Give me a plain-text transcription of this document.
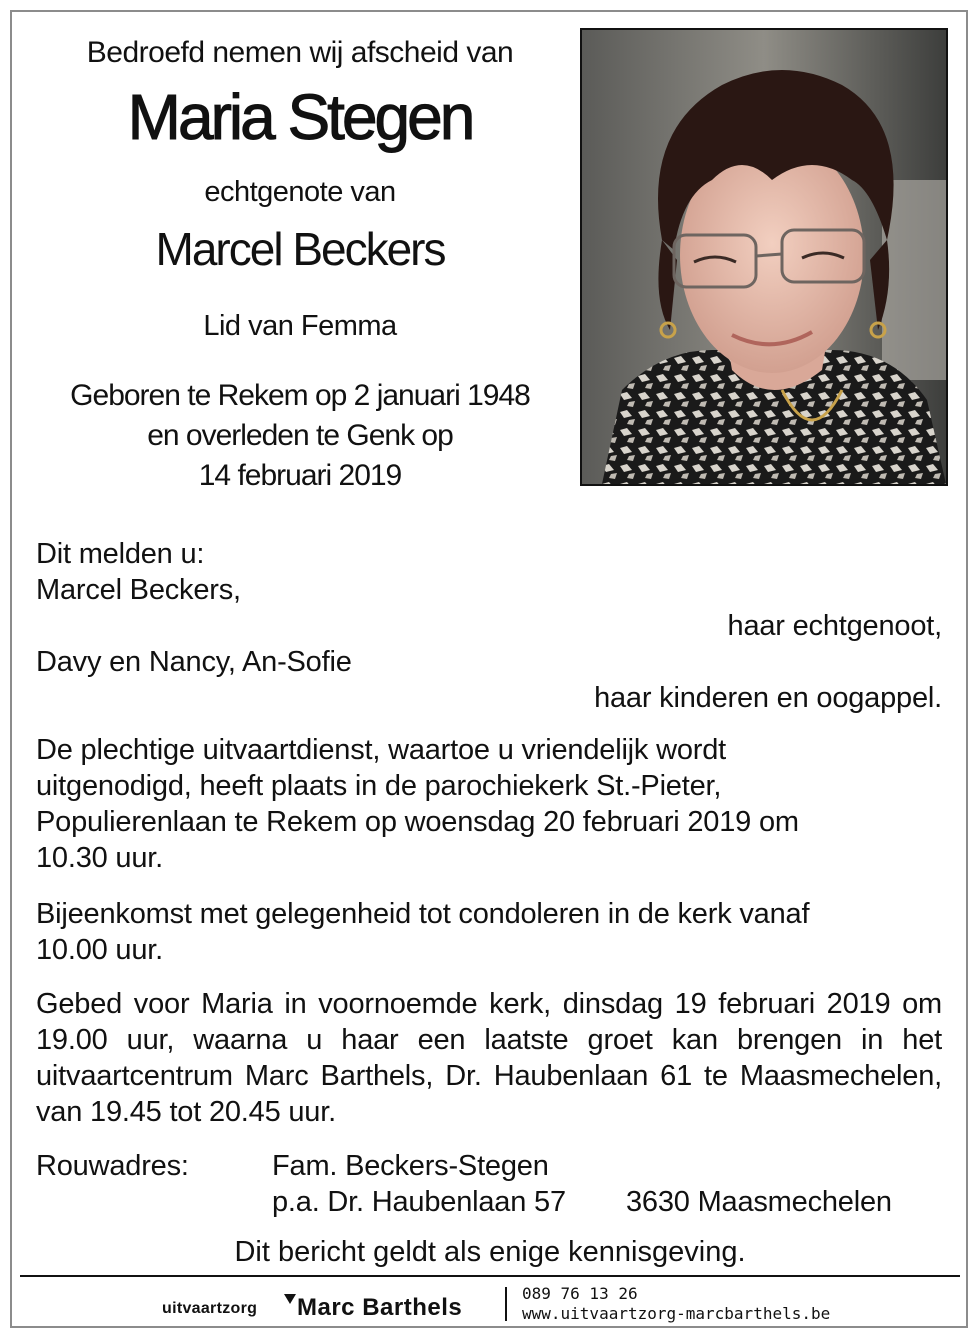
Bedroefd nemen wij afscheid van
Maria Stegen
echtgenote van
Marcel Beckers
Lid van Femma
Geboren te Rekem op 2 januari 1948
en overleden te Genk op
14 februari 2019
Dit melden u:
Marcel Beckers,
haar echtgenoot,
Davy en Nancy, An-Sofie
haar kinderen en oogappel.
De plechtige uitvaartdienst, waartoe u vriendelijk wordt uitgenodigd, heeft plaats in de parochiekerk St.-Pieter, Populierenlaan te Rekem op woensdag 20 februari 2019 om 10.30 uur.
Bijeenkomst met gelegenheid tot condoleren in de kerk vanaf 10.00 uur.
Gebed voor Maria in voornoemde kerk, dinsdag 19 februari 2019 om 19.00 uur, waarna u haar een laatste groet kan brengen in het uitvaartcentrum Marc Barthels, Dr. Haubenlaan 61 te Maasmechelen, van 19.45 tot 20.45 uur.
Rouwadres:	Fam. Beckers-Stegen
p.a. Dr. Haubenlaan 57 3630 Maasmechelen
Dit bericht geldt als enige kennisgeving.
uitvaartzorg Marc Barthels
089 76 13 26
www.uitvaartzorg-marcbarthels.be
